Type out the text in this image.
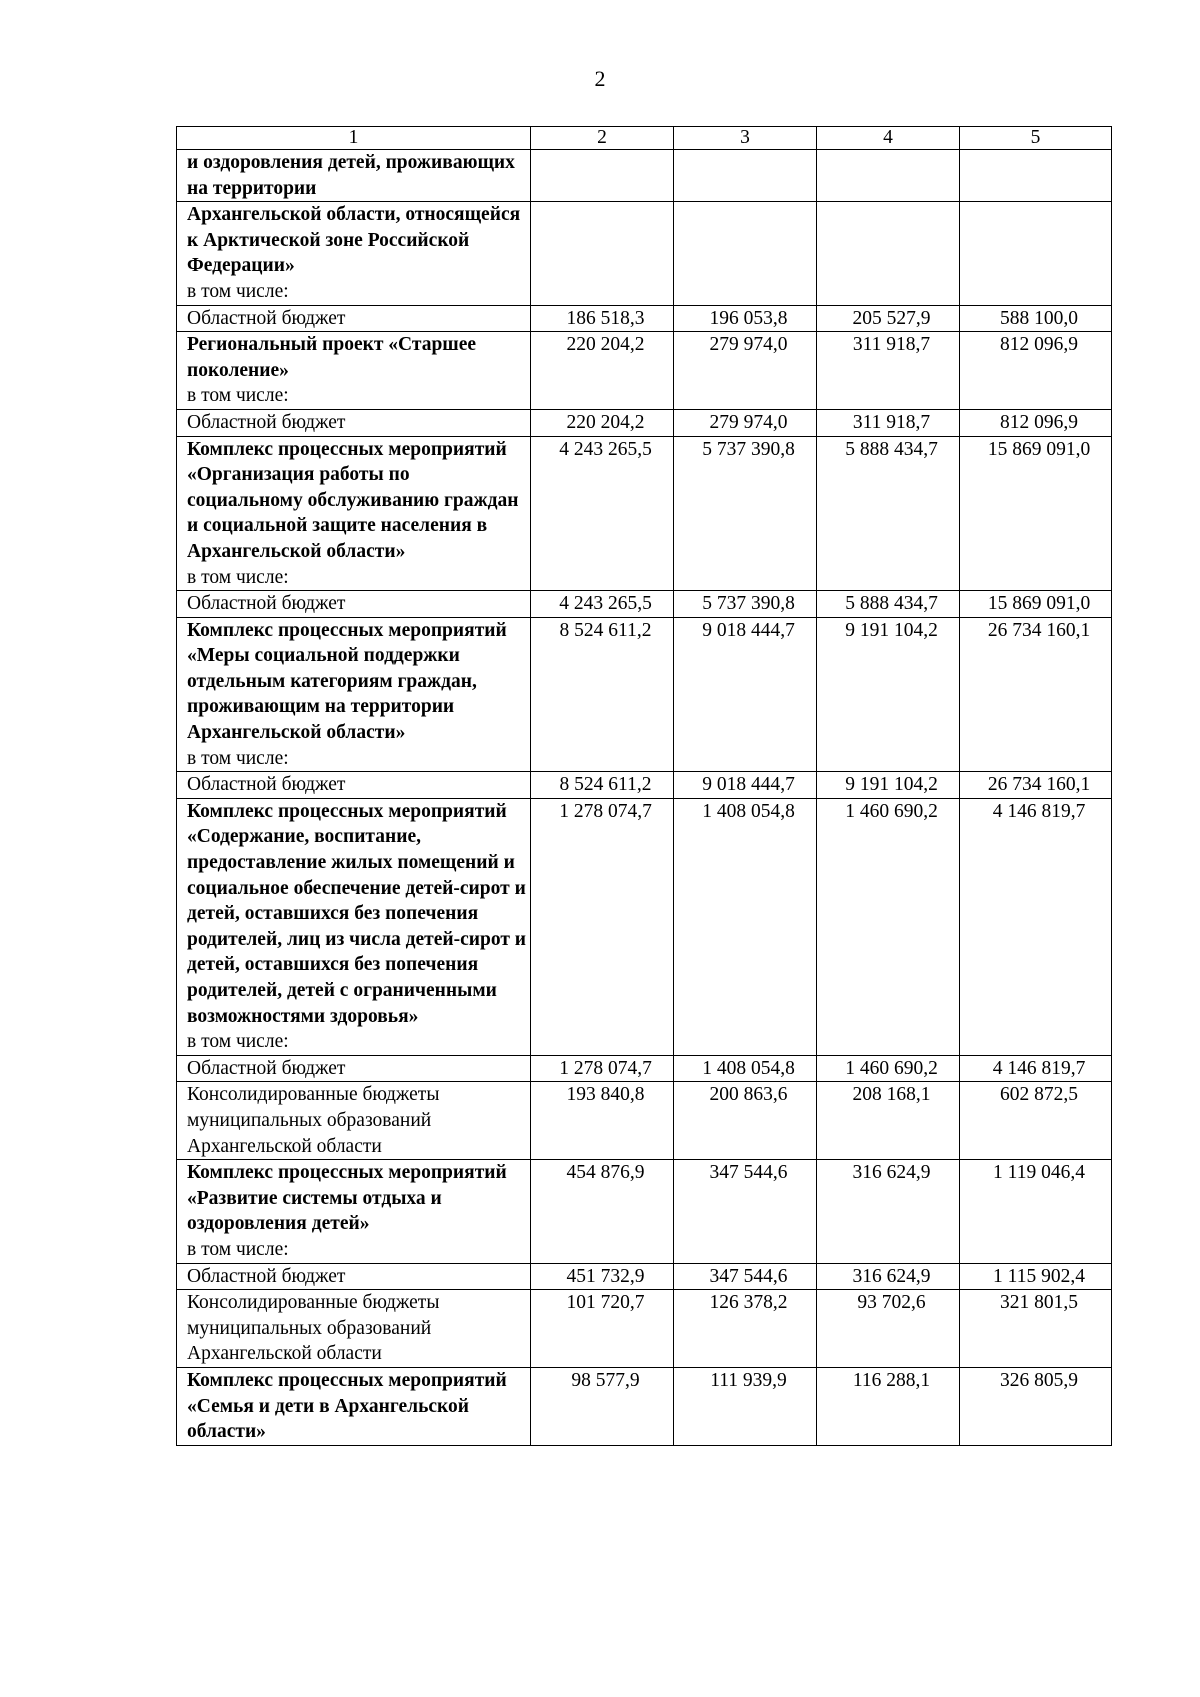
2
1	2	3	4	5

и оздоровления детей, проживающих на территории				

Архангельской области, относящейся к Арктической зоне Российской Федерации»
в том числе:				

Областной бюджет	186 518,3	196 053,8	205 527,9	588 100,0

Региональный проект «Старшее поколение»
в том числе:	220 204,2	279 974,0	311 918,7	812 096,9

Областной бюджет	220 204,2	279 974,0	311 918,7	812 096,9

Комплекс процессных мероприятий «Организация работы по социальному обслуживанию граждан и социальной защите населения в Архангельской области»
в том числе:	4 243 265,5	5 737 390,8	5 888 434,7	15 869 091,0

Областной бюджет	4 243 265,5	5 737 390,8	5 888 434,7	15 869 091,0

Комплекс процессных мероприятий «Меры социальной поддержки отдельным категориям граждан, проживающим на территории Архангельской области»
в том числе:	8 524 611,2	9 018 444,7	9 191 104,2	26 734 160,1

Областной бюджет	8 524 611,2	9 018 444,7	9 191 104,2	26 734 160,1

Комплекс процессных мероприятий «Содержание, воспитание, предоставление жилых помещений и социальное обеспечение детей-сирот и детей, оставшихся без попечения родителей, лиц из числа детей-сирот и детей, оставшихся без попечения родителей, детей с ограниченными возможностями здоровья»
в том числе:	1 278 074,7	1 408 054,8	1 460 690,2	4 146 819,7

Областной бюджет	1 278 074,7	1 408 054,8	1 460 690,2	4 146 819,7

Консолидированные бюджеты муниципальных образований Архангельской области	193 840,8	200 863,6	208 168,1	602 872,5

Комплекс процессных мероприятий «Развитие системы отдыха и оздоровления детей»
в том числе:	454 876,9	347 544,6	316 624,9	1 119 046,4

Областной бюджет	451 732,9	347 544,6	316 624,9	1 115 902,4

Консолидированные бюджеты муниципальных образований Архангельской области	101 720,7	126 378,2	93 702,6	321 801,5

Комплекс процессных мероприятий «Семья и дети в Архангельской области»	98 577,9	111 939,9	116 288,1	326 805,9
